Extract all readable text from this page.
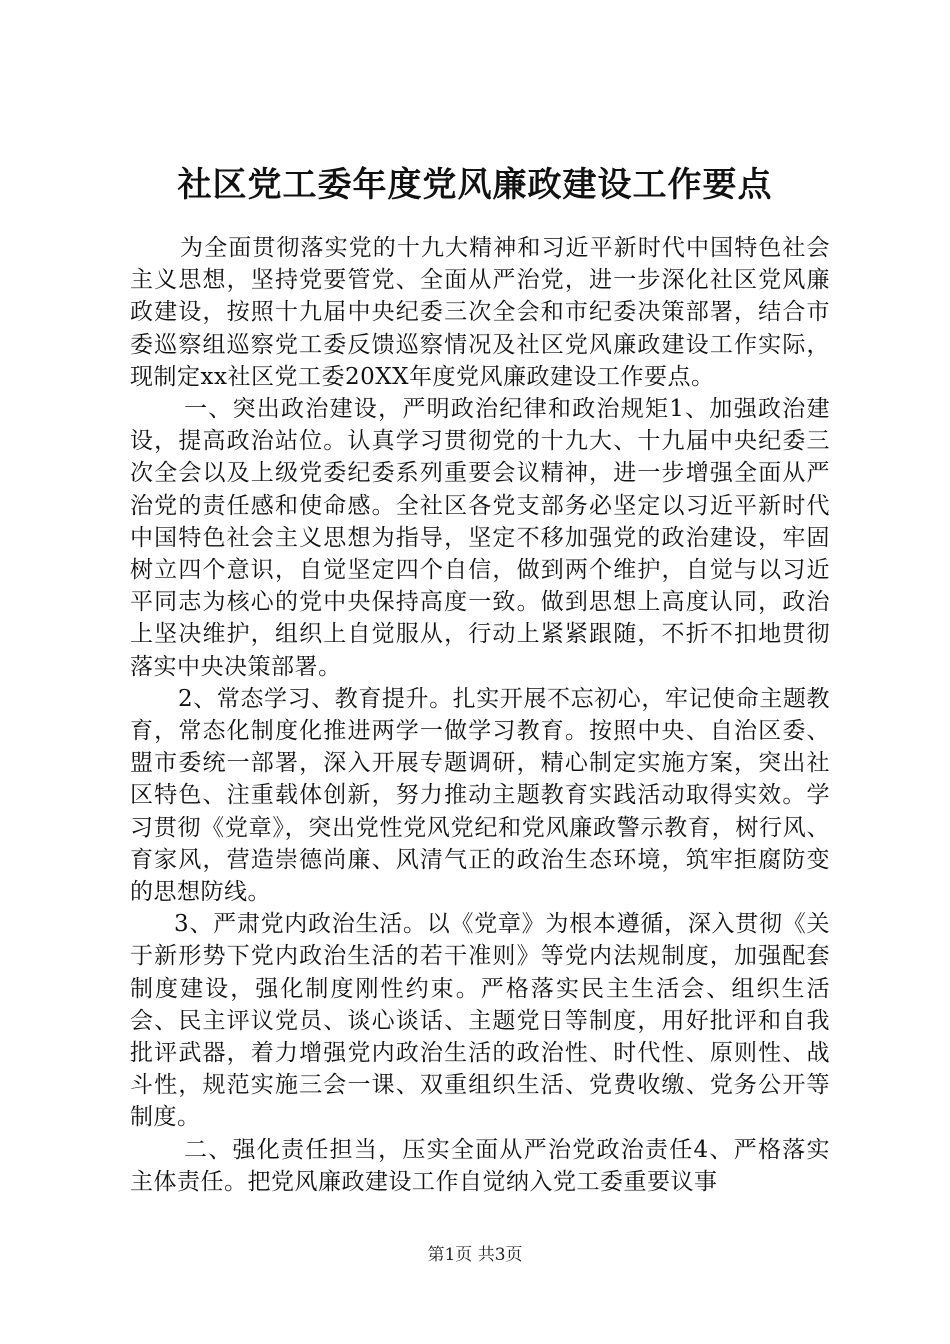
社区党工委年度党风廉政建设工作要点

为全面贯彻落实党的十九大精神和习近平新时代中国特色社会主义思想，坚持党要管党、全面从严治党，进一步深化社区党风廉政建设，按照十九届中央纪委三次全会和市纪委决策部署，结合市委巡察组巡察党工委反馈巡察情况及社区党风廉政建设工作实际，现制定xx社区党工委20XX年度党风廉政建设工作要点。

一、突出政治建设，严明政治纪律和政治规矩1、加强政治建设，提高政治站位。认真学习贯彻党的十九大、十九届中央纪委三次全会以及上级党委纪委系列重要会议精神，进一步增强全面从严治党的责任感和使命感。全社区各党支部务必坚定以习近平新时代中国特色社会主义思想为指导，坚定不移加强党的政治建设，牢固树立四个意识，自觉坚定四个自信，做到两个维护，自觉与以习近平同志为核心的党中央保持高度一致。做到思想上高度认同，政治上坚决维护，组织上自觉服从，行动上紧紧跟随，不折不扣地贯彻落实中央决策部署。

2、常态学习、教育提升。扎实开展不忘初心，牢记使命主题教育，常态化制度化推进两学一做学习教育。按照中央、自治区委、盟市委统一部署，深入开展专题调研，精心制定实施方案，突出社区特色、注重载体创新，努力推动主题教育实践活动取得实效。学习贯彻《党章》，突出党性党风党纪和党风廉政警示教育，树行风、育家风，营造崇德尚廉、风清气正的政治生态环境，筑牢拒腐防变的思想防线。

3、严肃党内政治生活。以《党章》为根本遵循，深入贯彻《关于新形势下党内政治生活的若干准则》等党内法规制度，加强配套制度建设，强化制度刚性约束。严格落实民主生活会、组织生活会、民主评议党员、谈心谈话、主题党日等制度，用好批评和自我批评武器，着力增强党内政治生活的政治性、时代性、原则性、战斗性，规范实施三会一课、双重组织生活、党费收缴、党务公开等制度。

二、强化责任担当，压实全面从严治党政治责任4、严格落实主体责任。把党风廉政建设工作自觉纳入党工委重要议事

第1页 共3页
